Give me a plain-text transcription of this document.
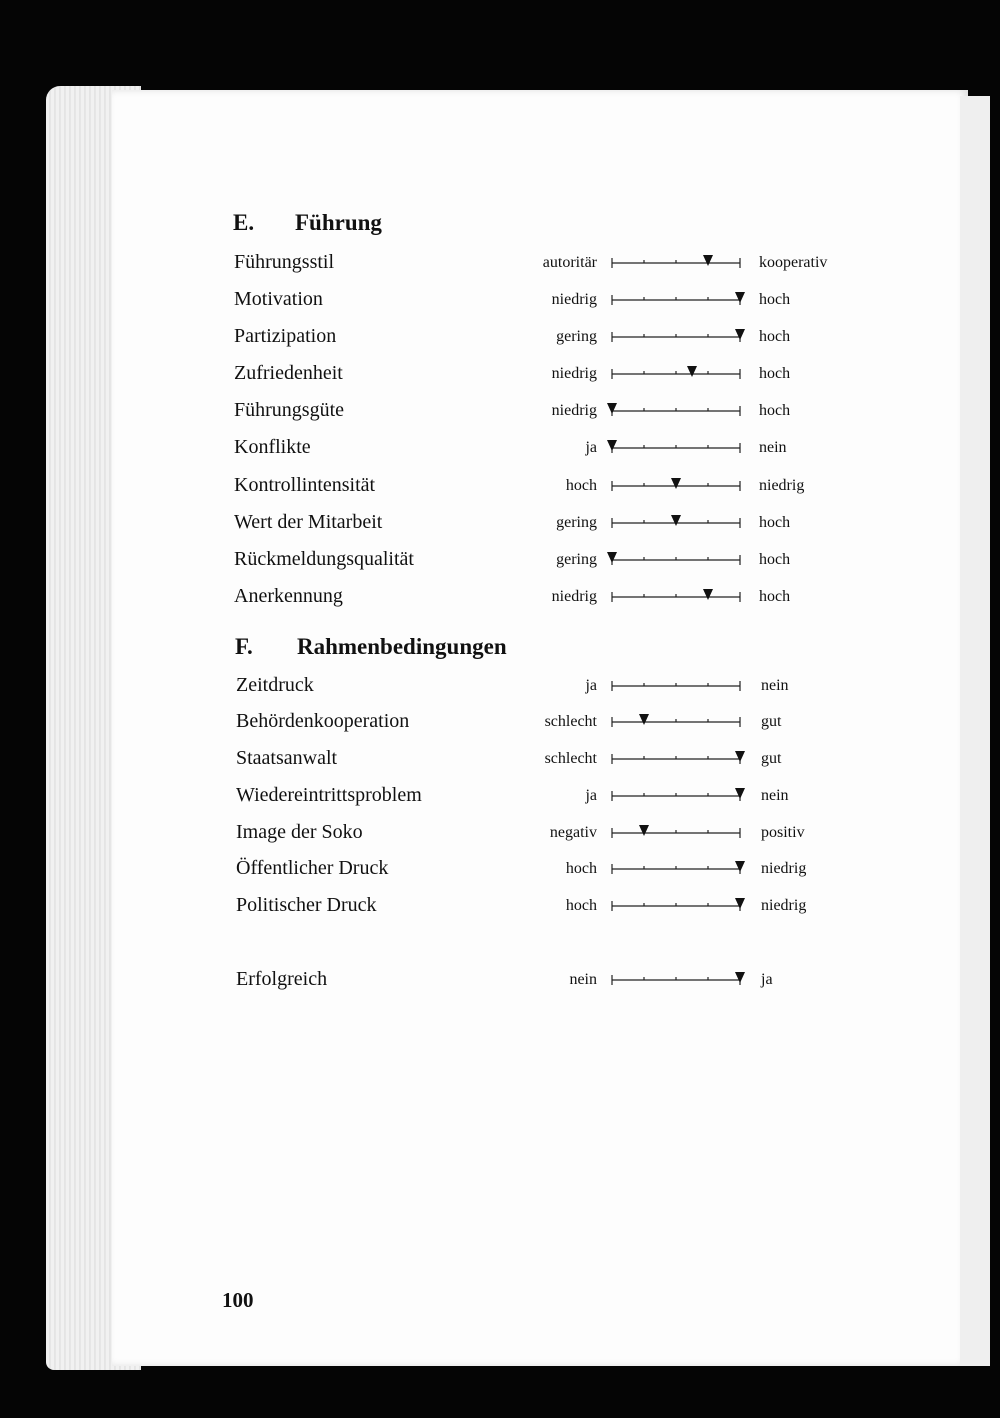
E. Führung
Führungsstil	autoritär	kooperativ
Motivation	niedrig	hoch
Partizipation	gering	hoch
Zufriedenheit	niedrig	hoch
Führungsgüte	niedrig	hoch
Konflikte	ja	nein
Kontrollintensität	hoch	niedrig
Wert der Mitarbeit	gering	hoch
Rückmeldungsqualität	gering	hoch
Anerkennung	niedrig	hoch
F. Rahmenbedingungen
Zeitdruck	ja	nein
Behördenkooperation	schlecht	gut
Staatsanwalt	schlecht	gut
Wiedereintrittsproblem	ja	nein
Image der Soko	negativ	positiv
Öffentlicher Druck	hoch	niedrig
Politischer Druck	hoch	niedrig
Erfolgreich	nein	ja
100
